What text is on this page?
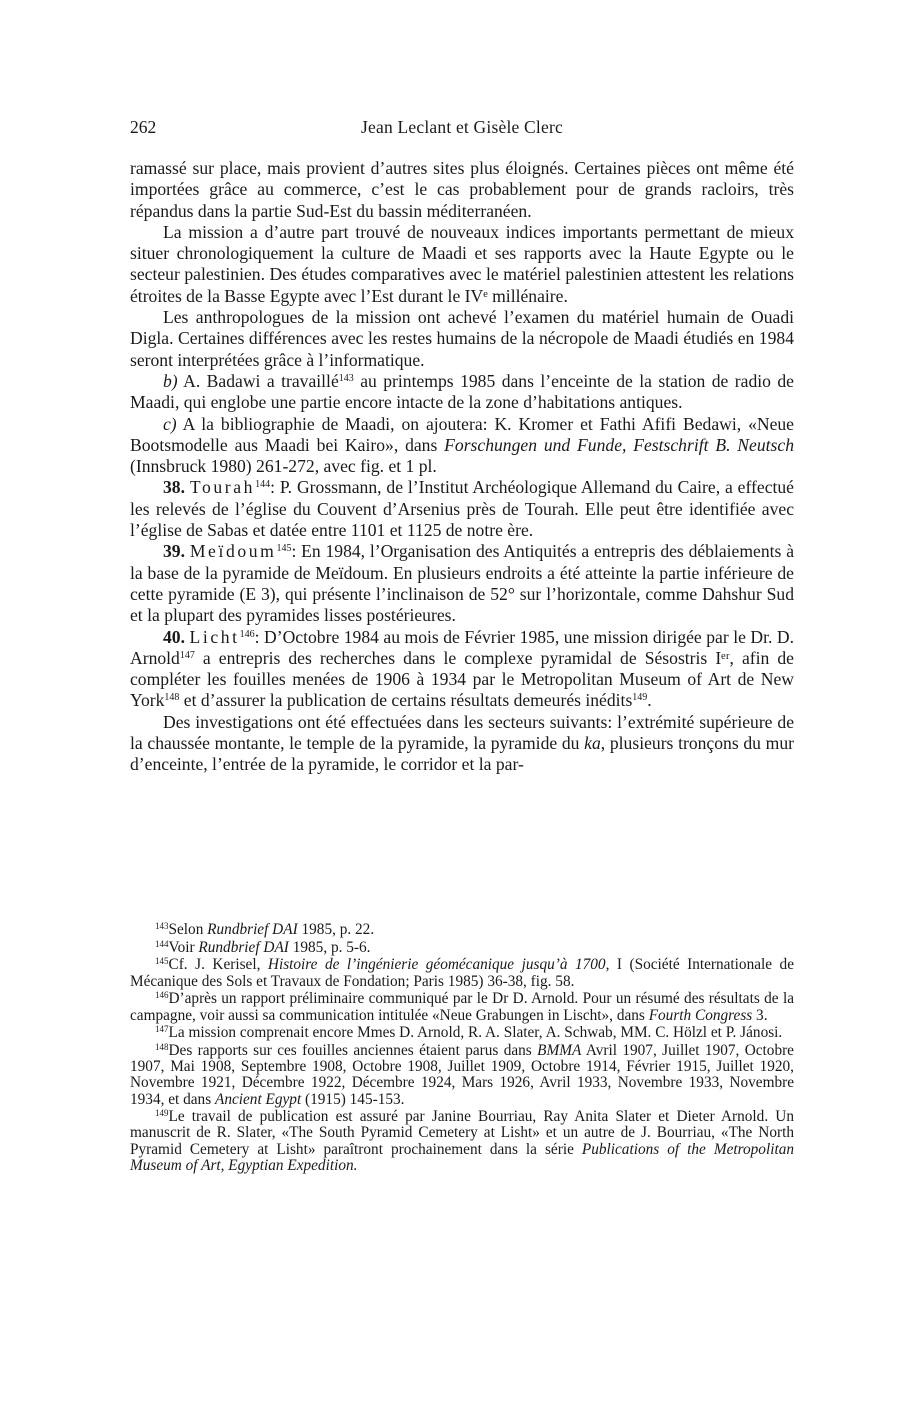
262	Jean Leclant et Gisèle Clerc

ramassé sur place, mais provient d’autres sites plus éloignés. Certaines pièces ont même été importées grâce au commerce, c’est le cas probablement pour de grands racloirs, très répandus dans la partie Sud-Est du bassin méditerranéen.

La mission a d’autre part trouvé de nouveaux indices importants permettant de mieux situer chronologiquement la culture de Maadi et ses rapports avec la Haute Egypte ou le secteur palestinien. Des études comparatives avec le matériel palestinien attestent les relations étroites de la Basse Egypte avec l’Est durant le IVᵉ millénaire.

Les anthropologues de la mission ont achevé l’examen du matériel humain de Ouadi Digla. Certaines différences avec les restes humains de la nécropole de Maadi étudiés en 1984 seront interprétées grâce à l’informatique.

b) A. Badawi a travaillé$^{143}$ au printemps 1985 dans l’enceinte de la station de radio de Maadi, qui englobe une partie encore intacte de la zone d’habitations antiques.

c) A la bibliographie de Maadi, on ajoutera: K. Kromer et Fathi Afifi Bedawi, «Neue Bootsmodelle aus Maadi bei Kairo», dans Forschungen und Funde, Festschrift B. Neutsch (Innsbruck 1980) 261-272, avec fig. et 1 pl.

38. Tourah$^{144}$: P. Grossmann, de l’Institut Archéologique Allemand du Caire, a effectué les relevés de l’église du Couvent d’Arsenius près de Tourah. Elle peut être identifiée avec l’église de Sabas et datée entre 1101 et 1125 de notre ère.

39. Meïdoum$^{145}$: En 1984, l’Organisation des Antiquités a entrepris des déblaiements à la base de la pyramide de Meïdoum. En plusieurs endroits a été atteinte la partie inférieure de cette pyramide (E 3), qui présente l’inclinaison de 52° sur l’horizontale, comme Dahshur Sud et la plupart des pyramides lisses postérieures.

40. Licht$^{146}$: D’Octobre 1984 au mois de Février 1985, une mission dirigée par le Dr. D. Arnold$^{147}$ a entrepris des recherches dans le complexe pyramidal de Sésostris Iᵉʳ, afin de compléter les fouilles menées de 1906 à 1934 par le Metropolitan Museum of Art de New York$^{148}$ et d’assurer la publication de certains résultats demeurés inédits$^{149}$.

Des investigations ont été effectuées dans les secteurs suivants: l’extrémité supérieure de la chaussée montante, le temple de la pyramide, la pyramide du ka, plusieurs tronçons du mur d’enceinte, l’entrée de la pyramide, le corridor et la par-

$^{143}$Selon Rundbrief DAI 1985, p. 22.

$^{144}$Voir Rundbrief DAI 1985, p. 5-6.

$^{145}$Cf. J. Kerisel, Histoire de l’ingénierie géomécanique jusqu’à 1700, I (Société Internationale de Mécanique des Sols et Travaux de Fondation; Paris 1985) 36-38, fig. 58.

$^{146}$D’après un rapport préliminaire communiqué par le Dr D. Arnold. Pour un résumé des résultats de la campagne, voir aussi sa communication intitulée «Neue Grabungen in Lischt», dans Fourth Congress 3.

$^{147}$La mission comprenait encore Mmes D. Arnold, R. A. Slater, A. Schwab, MM. C. Hölzl et P. Jánosi.

$^{148}$Des rapports sur ces fouilles anciennes étaient parus dans BMMA Avril 1907, Juillet 1907, Octobre 1907, Mai 1908, Septembre 1908, Octobre 1908, Juillet 1909, Octobre 1914, Février 1915, Juillet 1920, Novembre 1921, Décembre 1922, Décembre 1924, Mars 1926, Avril 1933, Novembre 1933, Novembre 1934, et dans Ancient Egypt (1915) 145-153.

$^{149}$Le travail de publication est assuré par Janine Bourriau, Ray Anita Slater et Dieter Arnold. Un manuscrit de R. Slater, «The South Pyramid Cemetery at Lisht» et un autre de J. Bourriau, «The North Pyramid Cemetery at Lisht» paraîtront prochainement dans la série Publications of the Metropolitan Museum of Art, Egyptian Expedition.
